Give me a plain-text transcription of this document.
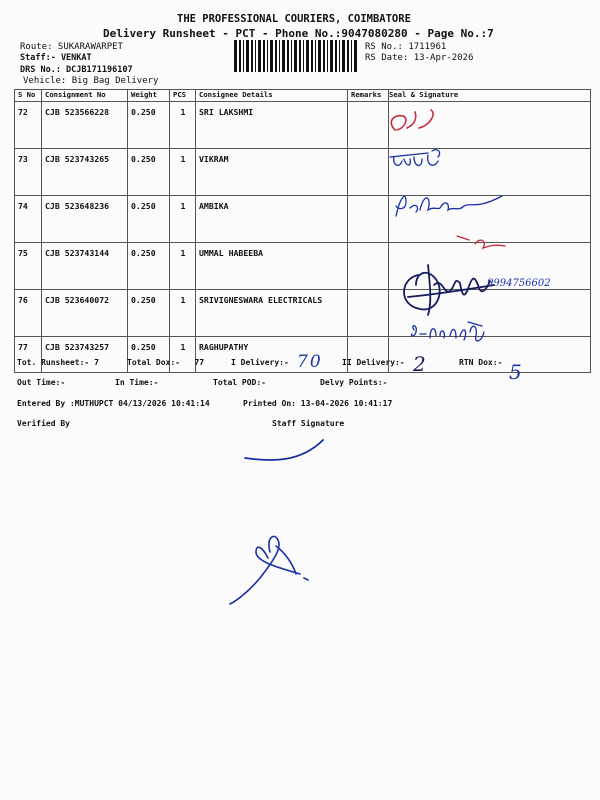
THE PROFESSIONAL COURIERS, COIMBATORE
Delivery Runsheet - PCT - Phone No.:9047080280 - Page No.:7
Route: SUKARAWARPET
Staff:- VENKAT
DRS No.: DCJB171196107
Vehicle: Big Bag Delivery
RS No.: 1711961
RS Date: 13-Apr-2026
S No	Consignment No	Weight	PCS	Consignee Details	Remarks	Seal & Signature
72	CJB 523566228	0.250	1	SRI LAKSHMI		
73	CJB 523743265	0.250	1	VIKRAM		
74	CJB 523648236	0.250	1	AMBIKA		
75	CJB 523743144	0.250	1	UMMAL HABEEBA		
76	CJB 523640072	0.250	1	SRIVIGNESWARA ELECTRICALS		
77	CJB 523743257	0.250	1	RAGHUPATHY		
9994756602
Tot. Runsheet:- 7	Total Dox:-   77	I Delivery:- 70 II Delivery:- 2	RTN Dox:- 5
Out Time:-	In Time:-	Total POD:-	Delvy Points:-
Entered By :MUTHUPCT 04/13/2026 10:41:14	Printed On: 13-04-2026 10:41:17
Verified By	Staff Signature
